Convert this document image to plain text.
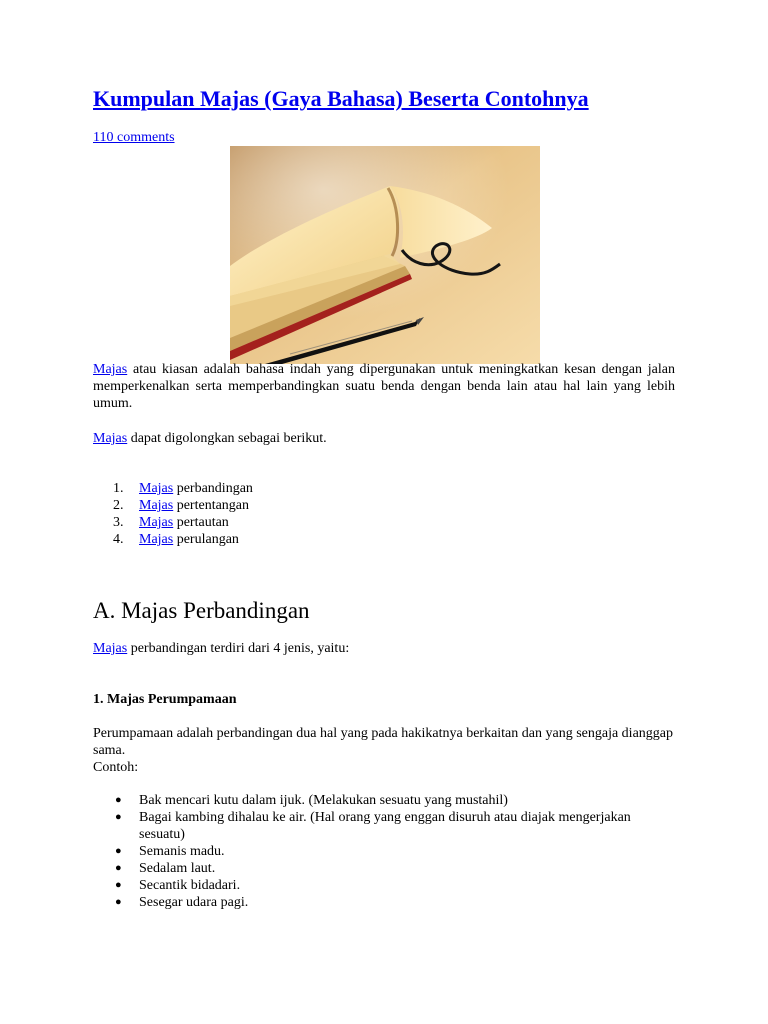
Kumpulan Majas (Gaya Bahasa) Beserta Contohnya
110 comments

Majas atau kiasan adalah bahasa indah yang dipergunakan untuk meningkatkan kesan dengan jalan memperkenalkan serta memperbandingkan suatu benda dengan benda lain atau hal lain yang lebih umum.

Majas dapat digolongkan sebagai berikut.

1.	Majas perbandingan
2.	Majas pertentangan
3.	Majas pertautan
4.	Majas perulangan
A. Majas Perbandingan

Majas perbandingan terdiri dari 4 jenis, yaitu:

1. Majas Perumpamaan

Perumpamaan adalah perbandingan dua hal yang pada hakikatnya berkaitan dan yang sengaja dianggap sama.
Contoh:

● Bak mencari kutu dalam ijuk. (Melakukan sesuatu yang mustahil)
● Bagai kambing dihalau ke air. (Hal orang yang enggan disuruh atau diajak mengerjakan sesuatu)
● Semanis madu.
● Sedalam laut.
● Secantik bidadari.
● Sesegar udara pagi.
